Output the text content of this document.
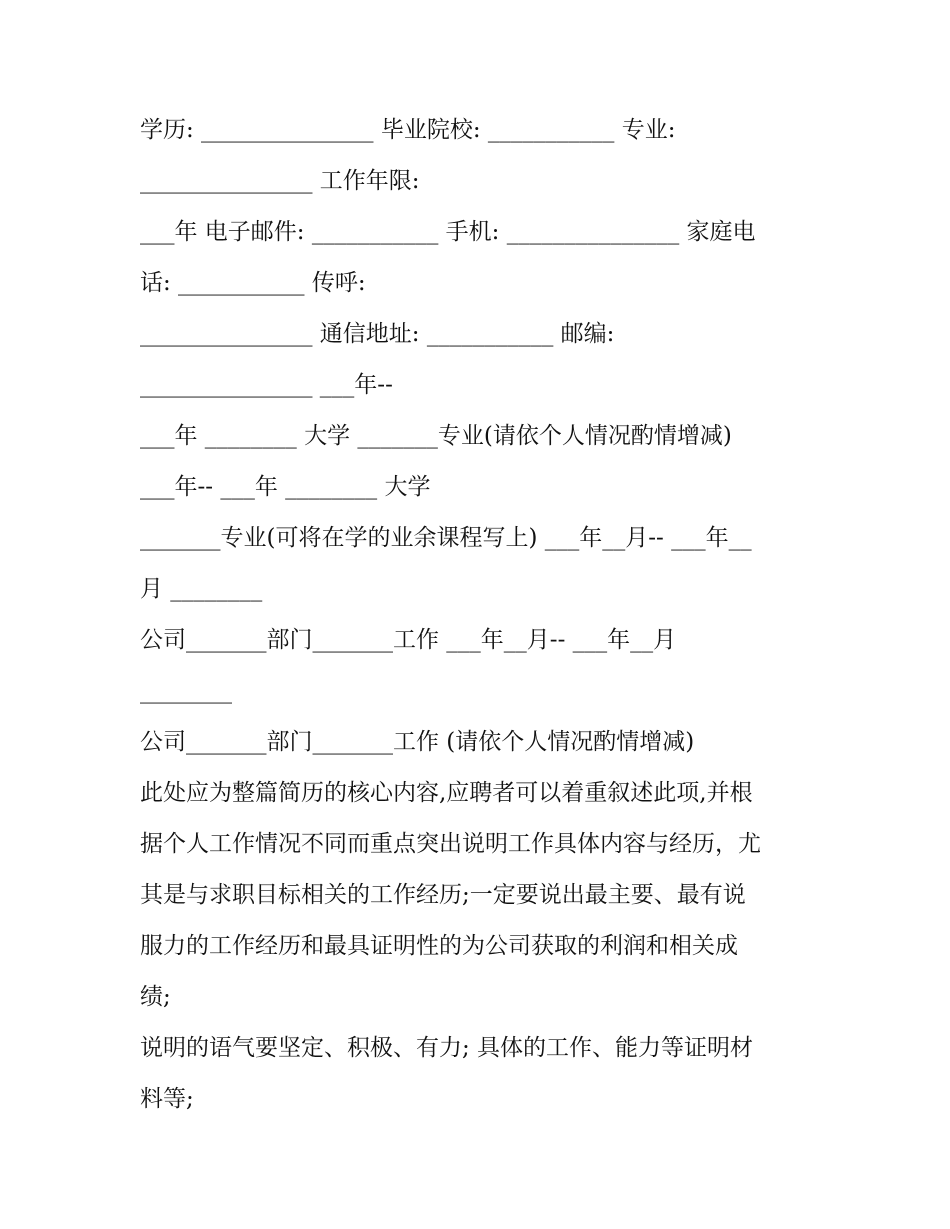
学历: _______________ 毕业院校: ___________ 专业:
_______________ 工作年限:
___年 电子邮件: ___________ 手机: _______________ 家庭电
话: ___________ 传呼:
_______________ 通信地址: ___________ 邮编:
_______________ ___年--
___年 ________ 大学 _______专业(请依个人情况酌情增减)
___年-- ___年 ________ 大学
_______专业(可将在学的业余课程写上) ___年__月-- ___年__
月 ________
公司_______部门_______工作 ___年__月-- ___年__月
________
公司_______部门_______工作 (请依个人情况酌情增减)
此处应为整篇简历的核心内容,应聘者可以着重叙述此项,并根
据个人工作情况不同而重点突出说明工作具体内容与经历，尤
其是与求职目标相关的工作经历;一定要说出最主要、最有说
服力的工作经历和最具证明性的为公司获取的利润和相关成
绩;
说明的语气要坚定、积极、有力; 具体的工作、能力等证明材
料等;
